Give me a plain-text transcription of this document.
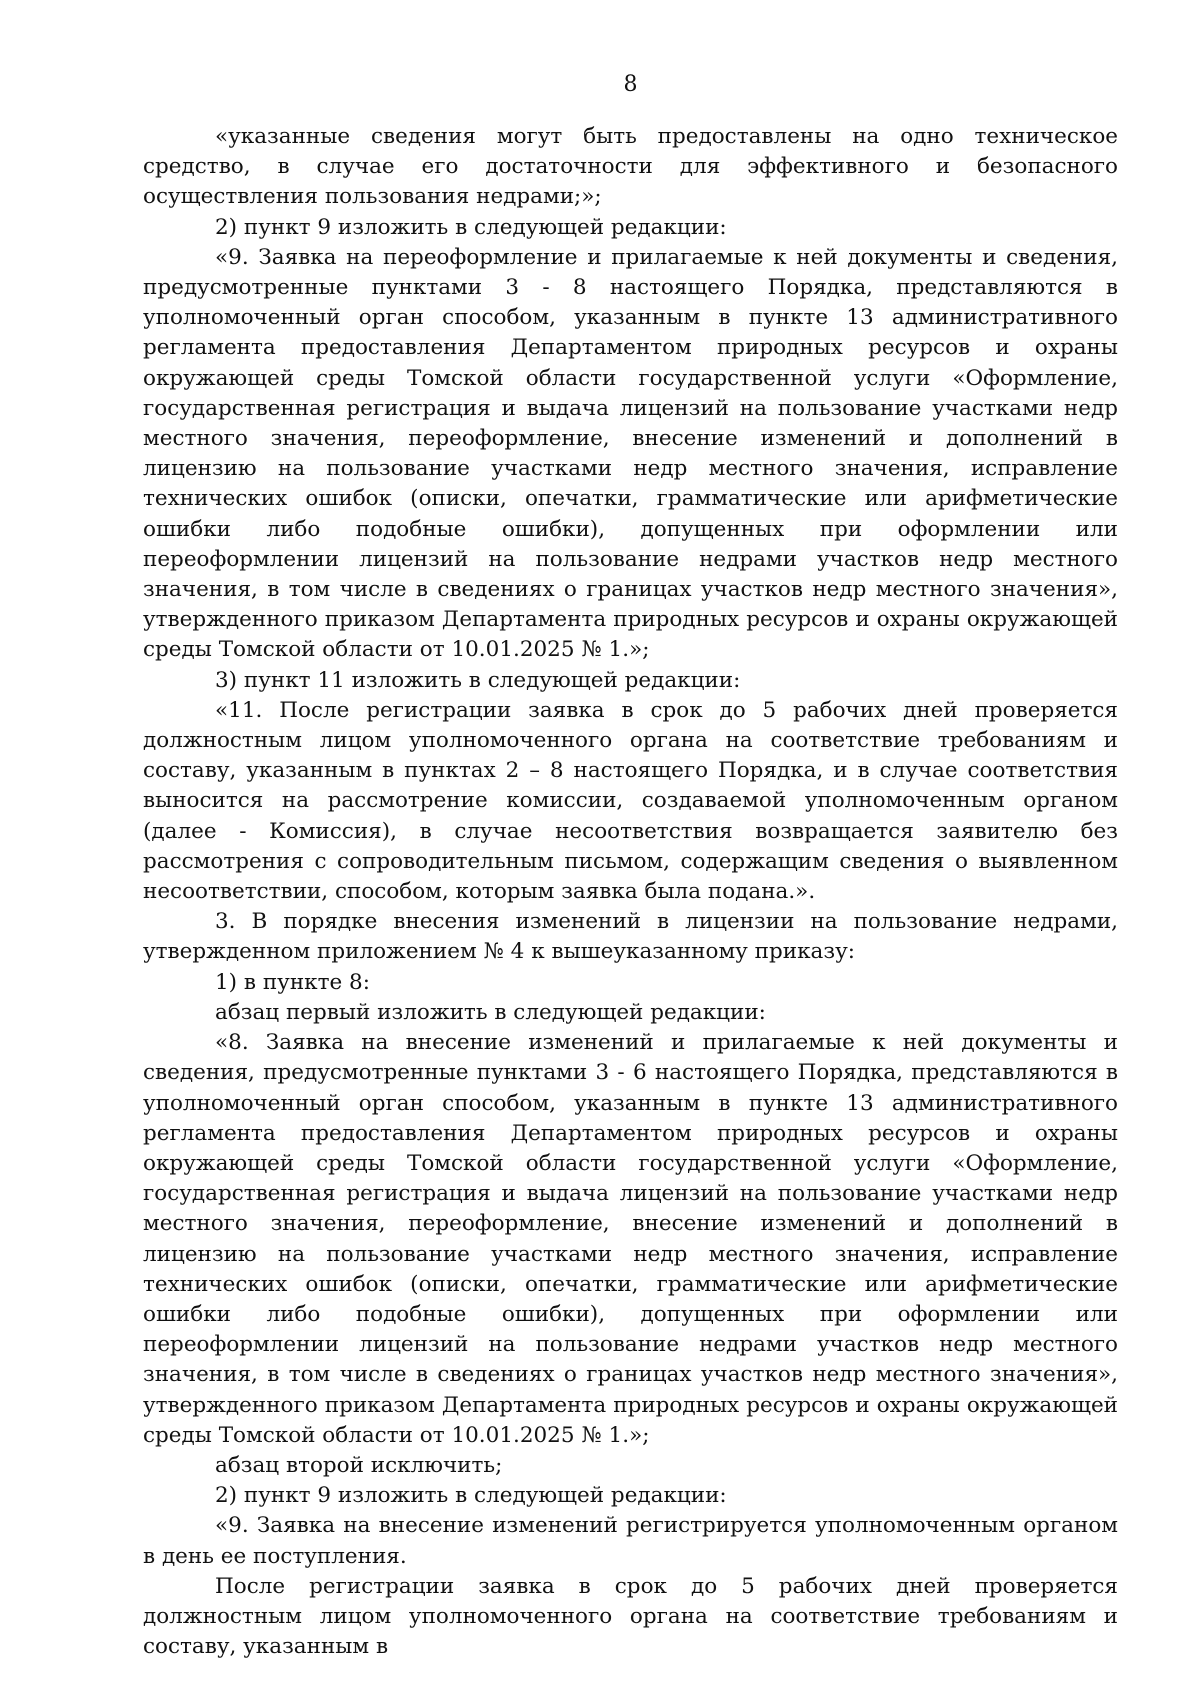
8

«указанные сведения могут быть предоставлены на одно техническое средство, в случае его достаточности для эффективного и безопасного осуществления пользования недрами;»;

2) пункт 9 изложить в следующей редакции:

«9. Заявка на переоформление и прилагаемые к ней документы и сведения, предусмотренные пунктами 3 - 8 настоящего Порядка, представляются в уполномоченный орган способом, указанным в пункте 13 административного регламента предоставления Департаментом природных ресурсов и охраны окружающей среды Томской области государственной услуги «Оформление, государственная регистрация и выдача лицензий на пользование участками недр местного значения, переоформление, внесение изменений и дополнений в лицензию на пользование участками недр местного значения, исправление технических ошибок (описки, опечатки, грамматические или арифметические ошибки либо подобные ошибки), допущенных при оформлении или переоформлении лицензий на пользование недрами участков недр местного значения, в том числе в сведениях о границах участков недр местного значения», утвержденного приказом Департамента природных ресурсов и охраны окружающей среды Томской области от 10.01.2025 № 1.»;

3) пункт 11 изложить в следующей редакции:

«11. После регистрации заявка в срок до 5 рабочих дней проверяется должностным лицом уполномоченного органа на соответствие требованиям и составу, указанным в пунктах 2 – 8 настоящего Порядка, и в случае соответствия выносится на рассмотрение комиссии, создаваемой уполномоченным органом (далее - Комиссия), в случае несоответствия возвращается заявителю без рассмотрения с сопроводительным письмом, содержащим сведения о выявленном несоответствии, способом, которым заявка была подана.».

3. В порядке внесения изменений в лицензии на пользование недрами, утвержденном приложением № 4 к вышеуказанному приказу:

1) в пункте 8:

абзац первый изложить в следующей редакции:

«8. Заявка на внесение изменений и прилагаемые к ней документы и сведения, предусмотренные пунктами 3 - 6 настоящего Порядка, представляются в уполномоченный орган способом, указанным в пункте 13 административного регламента предоставления Департаментом природных ресурсов и охраны окружающей среды Томской области государственной услуги «Оформление, государственная регистрация и выдача лицензий на пользование участками недр местного значения, переоформление, внесение изменений и дополнений в лицензию на пользование участками недр местного значения, исправление технических ошибок (описки, опечатки, грамматические или арифметические ошибки либо подобные ошибки), допущенных при оформлении или переоформлении лицензий на пользование недрами участков недр местного значения, в том числе в сведениях о границах участков недр местного значения», утвержденного приказом Департамента природных ресурсов и охраны окружающей среды Томской области от 10.01.2025 № 1.»;

абзац второй исключить;

2) пункт 9 изложить в следующей редакции:

«9. Заявка на внесение изменений регистрируется уполномоченным органом в день ее поступления.

После регистрации заявка в срок до 5 рабочих дней проверяется должностным лицом уполномоченного органа на соответствие требованиям и составу, указанным в
